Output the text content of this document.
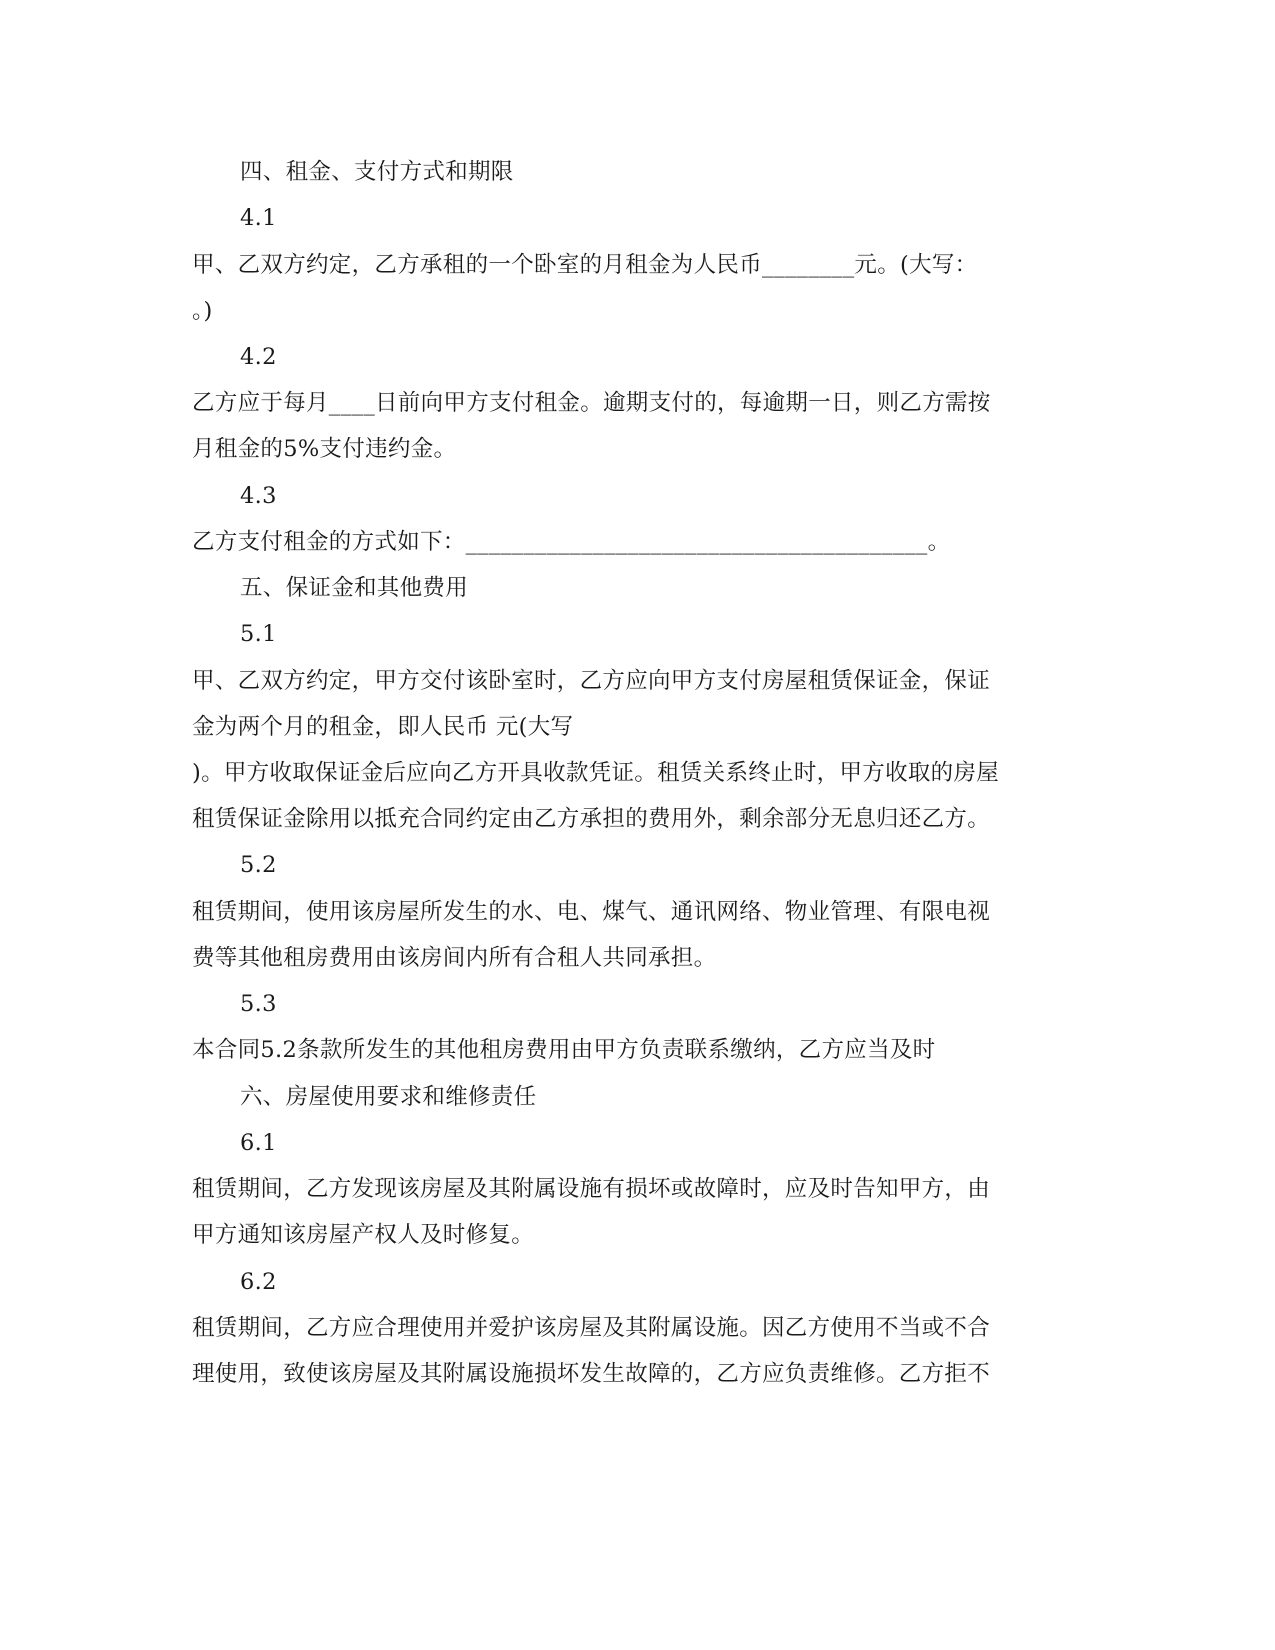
四、租金、支付方式和期限
4.1
甲、乙双方约定，乙方承租的一个卧室的月租金为人民币________元。(大写：
。)
4.2
乙方应于每月____日前向甲方支付租金。逾期支付的，每逾期一日，则乙方需按
月租金的5%支付违约金。
4.3
乙方支付租金的方式如下：________________________________________。
五、保证金和其他费用
5.1
甲、乙双方约定，甲方交付该卧室时，乙方应向甲方支付房屋租赁保证金，保证
金为两个月的租金，即人民币 元(大写
)。甲方收取保证金后应向乙方开具收款凭证。租赁关系终止时，甲方收取的房屋
租赁保证金除用以抵充合同约定由乙方承担的费用外，剩余部分无息归还乙方。
5.2
租赁期间，使用该房屋所发生的水、电、煤气、通讯网络、物业管理、有限电视
费等其他租房费用由该房间内所有合租人共同承担。
5.3
本合同5.2条款所发生的其他租房费用由甲方负责联系缴纳，乙方应当及时
六、房屋使用要求和维修责任
6.1
租赁期间，乙方发现该房屋及其附属设施有损坏或故障时，应及时告知甲方，由
甲方通知该房屋产权人及时修复。
6.2
租赁期间，乙方应合理使用并爱护该房屋及其附属设施。因乙方使用不当或不合
理使用，致使该房屋及其附属设施损坏发生故障的，乙方应负责维修。乙方拒不
